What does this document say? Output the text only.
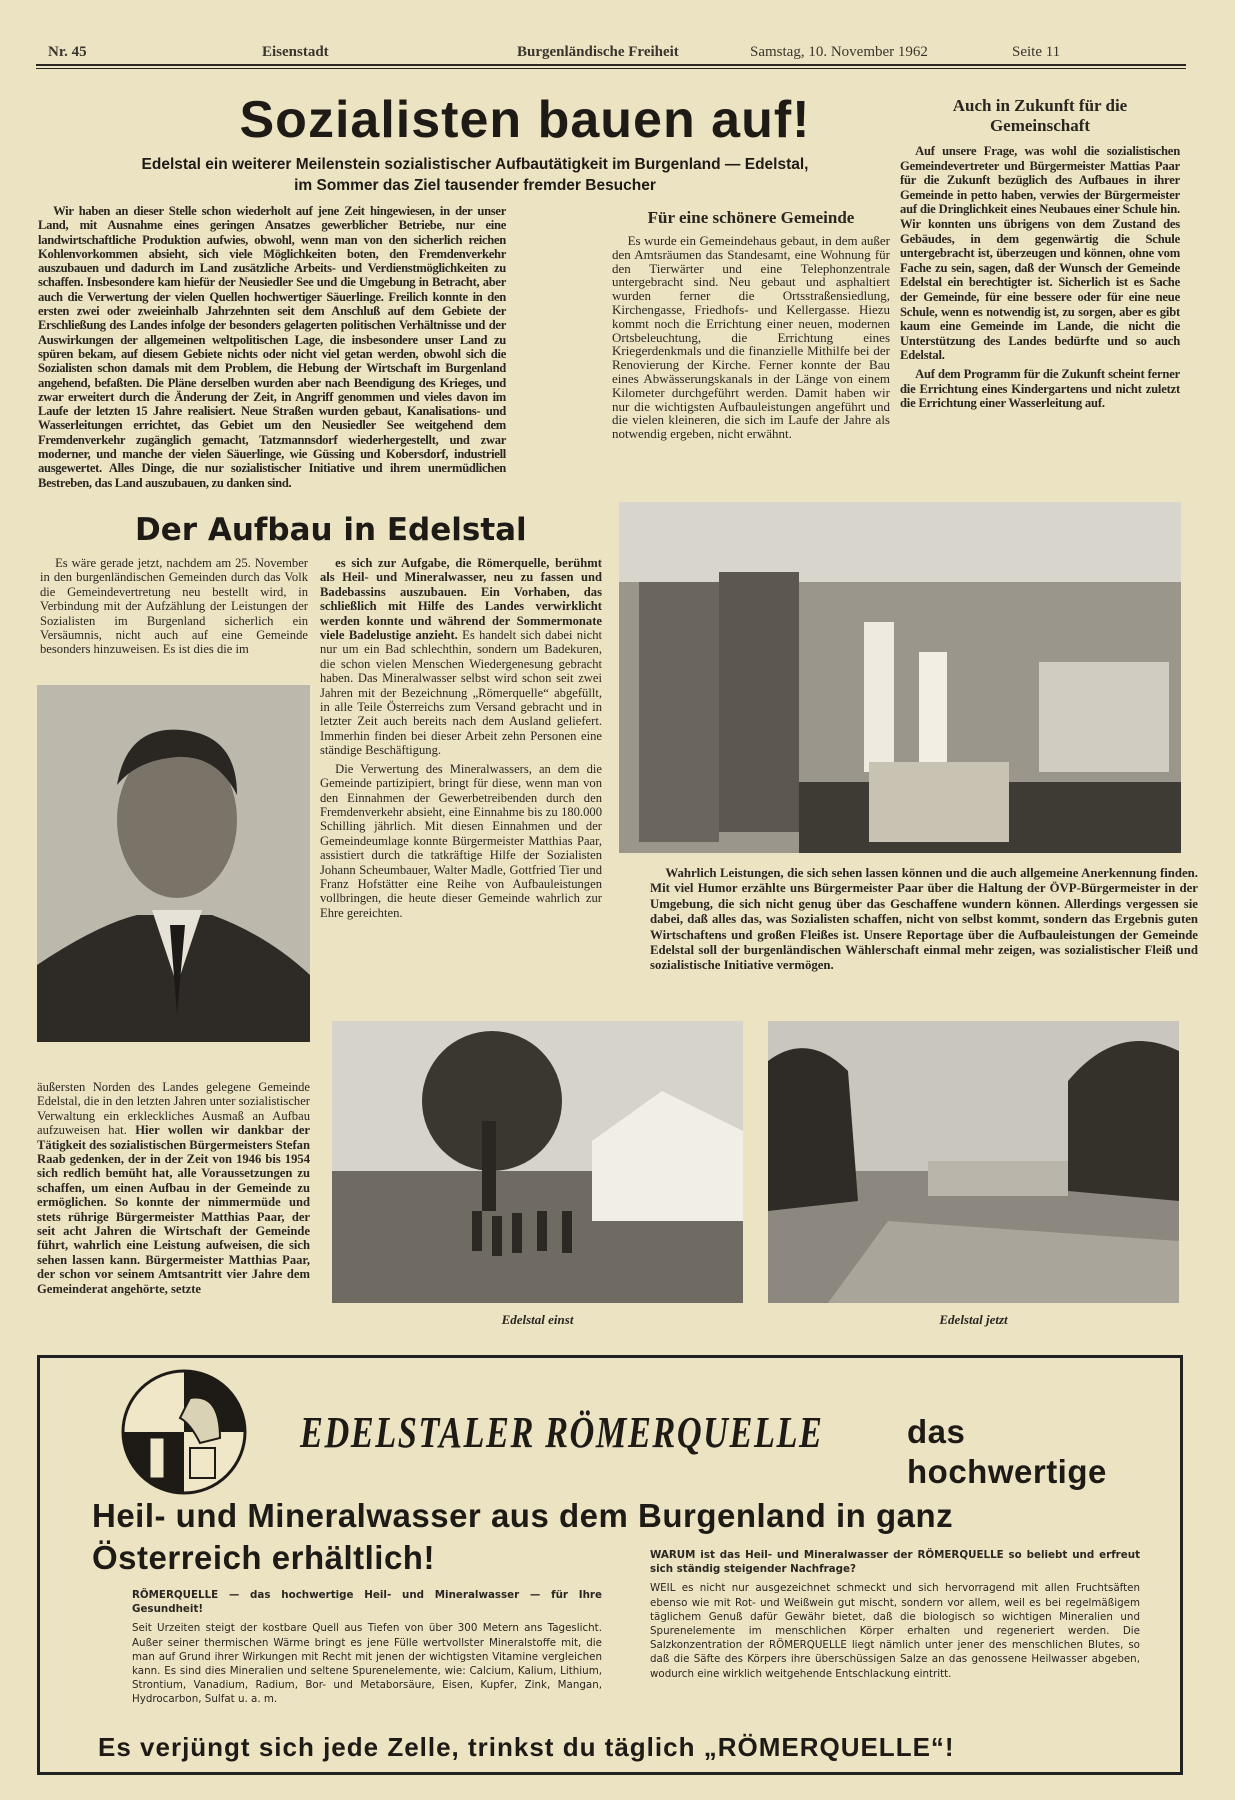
Nr. 45	Eisenstadt	Burgenländische Freiheit	Samstag, 10. November 1962	Seite 11
Sozialisten bauen auf!
Edelstal ein weiterer Meilenstein sozialistischer Aufbautätigkeit im Burgenland — Edelstal,
im Sommer das Ziel tausender fremder Besucher

Wir haben an dieser Stelle schon wiederholt auf jene Zeit hingewiesen, in der unser Land, mit Ausnahme eines geringen Ansatzes gewerblicher Betriebe, nur eine landwirtschaftliche Produktion aufwies, obwohl, wenn man von den sicherlich reichen Kohlenvorkommen absieht, sich viele Möglichkeiten boten, den Fremdenverkehr auszubauen und dadurch im Land zusätzliche Arbeits- und Verdienstmöglichkeiten zu schaffen. Insbesondere kam hiefür der Neusiedler See und die Umgebung in Betracht, aber auch die Verwertung der vielen Quellen hochwertiger Säuerlinge. Freilich konnte in den ersten zwei oder zweieinhalb Jahrzehnten seit dem Anschluß auf dem Gebiete der Erschließung des Landes infolge der besonders gelagerten politischen Verhältnisse und der Auswirkungen der allgemeinen weltpolitischen Lage, die insbesondere unser Land zu spüren bekam, auf diesem Gebiete nichts oder nicht viel getan werden, obwohl sich die Sozialisten schon damals mit dem Problem, die Hebung der Wirtschaft im Burgenland angehend, befaßten. Die Pläne derselben wurden aber nach Beendigung des Krieges, und zwar erweitert durch die Änderung der Zeit, in Angriff genommen und vieles davon im Laufe der letzten 15 Jahre realisiert. Neue Straßen wurden gebaut, Kanalisations- und Wasserleitungen errichtet, das Gebiet um den Neusiedler See weitgehend dem Fremdenverkehr zugänglich gemacht, Tatzmannsdorf wiederhergestellt, und zwar moderner, und manche der vielen Säuerlinge, wie Güssing und Kobersdorf, industriell ausgewertet. Alles Dinge, die nur sozialistischer Initiative und ihrem unermüdlichen Bestreben, das Land auszubauen, zu danken sind.

Für eine schönere Gemeinde

Es wurde ein Gemeindehaus gebaut, in dem außer den Amtsräumen das Standesamt, eine Wohnung für den Tierwärter und eine Telephonzentrale untergebracht sind. Neu gebaut und asphaltiert wurden ferner die Ortsstraßensiedlung, Kirchengasse, Friedhofs- und Kellergasse. Hiezu kommt noch die Errichtung einer neuen, modernen Ortsbeleuchtung, die Errichtung eines Kriegerdenkmals und die finanzielle Mithilfe bei der Renovierung der Kirche. Ferner konnte der Bau eines Abwässerungskanals in der Länge von einem Kilometer durchgeführt werden. Damit haben wir nur die wichtigsten Aufbauleistungen angeführt und die vielen kleineren, die sich im Laufe der Jahre als notwendig ergeben, nicht erwähnt.

Auch in Zukunft für die Gemeinschaft

Auf unsere Frage, was wohl die sozialistischen Gemeindevertreter und Bürgermeister Mattias Paar für die Zukunft bezüglich des Aufbaues in ihrer Gemeinde in petto haben, verwies der Bürgermeister auf die Dringlichkeit eines Neubaues einer Schule hin. Wir konnten uns übrigens von dem Zustand des Gebäudes, in dem gegenwärtig die Schule untergebracht ist, überzeugen und können, ohne vom Fache zu sein, sagen, daß der Wunsch der Gemeinde Edelstal ein berechtigter ist. Sicherlich ist es Sache der Gemeinde, für eine bessere oder für eine neue Schule, wenn es notwendig ist, zu sorgen, aber es gibt kaum eine Gemeinde im Lande, die nicht die Unterstützung des Landes bedürfte und so auch Edelstal.

Auf dem Programm für die Zukunft scheint ferner die Errichtung eines Kindergartens und nicht zuletzt die Errichtung einer Wasserleitung auf.

Der Aufbau in Edelstal

Es wäre gerade jetzt, nachdem am 25. November in den burgenländischen Gemeinden durch das Volk die Gemeindevertretung neu bestellt wird, in Verbindung mit der Aufzählung der Leistungen der Sozialisten im Burgenland sicherlich ein Versäumnis, nicht auch auf eine Gemeinde besonders hinzuweisen. Es ist dies die im

äußersten Norden des Landes gelegene Gemeinde Edelstal, die in den letzten Jahren unter sozialistischer Verwaltung ein erkleckliches Ausmaß an Aufbau aufzuweisen hat. Hier wollen wir dankbar der Tätigkeit des sozialistischen Bürgermeisters Stefan Raab gedenken, der in der Zeit von 1946 bis 1954 sich redlich bemüht hat, alle Voraussetzungen zu schaffen, um einen Aufbau in der Gemeinde zu ermöglichen. So konnte der nimmermüde und stets rührige Bürgermeister Matthias Paar, der seit acht Jahren die Wirtschaft der Gemeinde führt, wahrlich eine Leistung aufweisen, die sich sehen lassen kann. Bürgermeister Matthias Paar, der schon vor seinem Amtsantritt vier Jahre dem Gemeinderat angehörte, setzte

es sich zur Aufgabe, die Römerquelle, berühmt als Heil- und Mineralwasser, neu zu fassen und Badebassins auszubauen. Ein Vorhaben, das schließlich mit Hilfe des Landes verwirklicht werden konnte und während der Sommermonate viele Badelustige anzieht. Es handelt sich dabei nicht nur um ein Bad schlechthin, sondern um Badekuren, die schon vielen Menschen Wiedergenesung gebracht haben. Das Mineralwasser selbst wird schon seit zwei Jahren mit der Bezeichnung „Römerquelle“ abgefüllt, in alle Teile Österreichs zum Versand gebracht und in letzter Zeit auch bereits nach dem Ausland geliefert. Immerhin finden bei dieser Arbeit zehn Personen eine ständige Beschäftigung.

Die Verwertung des Mineralwassers, an dem die Gemeinde partizipiert, bringt für diese, wenn man von den Einnahmen der Gewerbetreibenden durch den Fremdenverkehr absieht, eine Einnahme bis zu 180.000 Schilling jährlich. Mit diesen Einnahmen und der Gemeindeumlage konnte Bürgermeister Matthias Paar, assistiert durch die tatkräftige Hilfe der Sozialisten Johann Scheumbauer, Walter Madle, Gottfried Tier und Franz Hofstätter eine Reihe von Aufbauleistungen vollbringen, die heute dieser Gemeinde wahrlich zur Ehre gereichten.

Wahrlich Leistungen, die sich sehen lassen können und die auch allgemeine Anerkennung finden. Mit viel Humor erzählte uns Bürgermeister Paar über die Haltung der ÖVP-Bürgermeister in der Umgebung, die sich nicht genug über das Geschaffene wundern können. Allerdings vergessen sie dabei, daß alles das, was Sozialisten schaffen, nicht von selbst kommt, sondern das Ergebnis guten Wirtschaftens und großen Fleißes ist. Unsere Reportage über die Aufbauleistungen der Gemeinde Edelstal soll der burgenländischen Wählerschaft einmal mehr zeigen, was sozialistischer Fleiß und sozialistische Initiative vermögen.

Edelstal einst	Edelstal jetzt
EDELSTALER RÖMERQUELLE	das
hochwertige
Heil- und Mineralwasser aus dem Burgenland in ganz
Österreich erhältlich!
RÖMERQUELLE — das hochwertige Heil- und Mineralwasser — für Ihre Gesundheit!
Seit Urzeiten steigt der kostbare Quell aus Tiefen von über 300 Metern ans Tageslicht. Außer seiner thermischen Wärme bringt es jene Fülle wertvollster Mineralstoffe mit, die man auf Grund ihrer Wirkungen mit Recht mit jenen der wichtigsten Vitamine vergleichen kann. Es sind dies Mineralien und seltene Spurenelemente, wie: Calcium, Kalium, Lithium, Strontium, Vanadium, Radium, Bor- und Metaborsäure, Eisen, Kupfer, Zink, Mangan, Hydrocarbon, Sulfat u. a. m.
WARUM ist das Heil- und Mineralwasser der RÖMERQUELLE so beliebt und erfreut sich ständig steigender Nachfrage?
WEIL es nicht nur ausgezeichnet schmeckt und sich hervorragend mit allen Fruchtsäften ebenso wie mit Rot- und Weißwein gut mischt, sondern vor allem, weil es bei regelmäßigem täglichem Genuß dafür Gewähr bietet, daß die biologisch so wichtigen Mineralien und Spurenelemente im menschlichen Körper erhalten und regeneriert werden. Die Salzkonzentration der RÖMERQUELLE liegt nämlich unter jener des menschlichen Blutes, so daß die Säfte des Körpers ihre überschüssigen Salze an das genossene Heilwasser abgeben, wodurch eine wirklich weitgehende Entschlackung eintritt.
Es verjüngt sich jede Zelle, trinkst du täglich „RÖMERQUELLE“!
